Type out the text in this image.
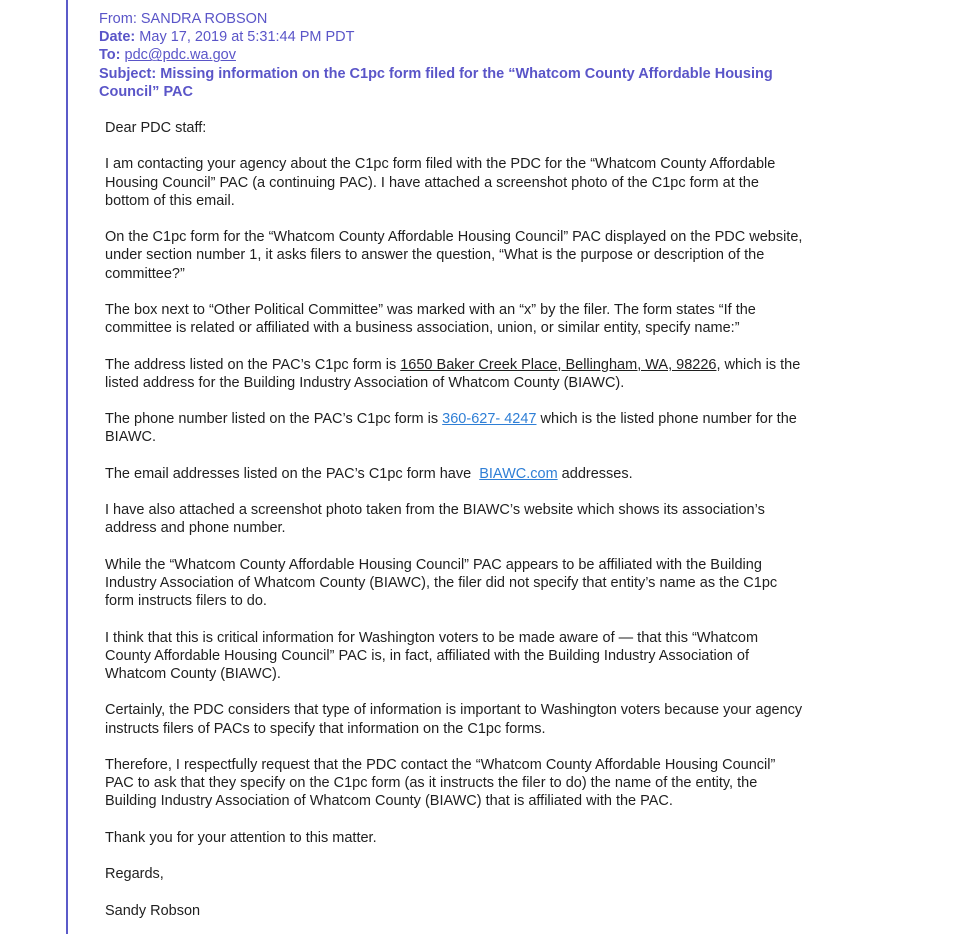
From: SANDRA ROBSON
Date: May 17, 2019 at 5:31:44 PM PDT
To: pdc@pdc.wa.gov
Subject: Missing information on the C1pc form filed for the “Whatcom County Affordable Housing Council” PAC

Dear PDC staff:

I am contacting your agency about the C1pc form filed with the PDC for the “Whatcom County Affordable Housing Council” PAC (a continuing PAC). I have attached a screenshot photo of the C1pc form at the bottom of this email.

On the C1pc form for the “Whatcom County Affordable Housing Council” PAC displayed on the PDC website, under section number 1, it asks filers to answer the question, “What is the purpose or description of the committee?”

The box next to “Other Political Committee” was marked with an “x” by the filer. The form states “If the committee is related or affiliated with a business association, union, or similar entity, specify name:”

The address listed on the PAC’s C1pc form is 1650 Baker Creek Place, Bellingham, WA, 98226, which is the listed address for the Building Industry Association of Whatcom County (BIAWC).

The phone number listed on the PAC’s C1pc form is 360-627- 4247 which is the listed phone number for the BIAWC.

The email addresses listed on the PAC’s C1pc form have  BIAWC.com addresses.

I have also attached a screenshot photo taken from the BIAWC’s website which shows its association’s address and phone number.

While the “Whatcom County Affordable Housing Council” PAC appears to be affiliated with the Building Industry Association of Whatcom County (BIAWC), the filer did not specify that entity’s name as the C1pc form instructs filers to do.

I think that this is critical information for Washington voters to be made aware of — that this “Whatcom County Affordable Housing Council” PAC is, in fact, affiliated with the Building Industry Association of Whatcom County (BIAWC).

Certainly, the PDC considers that type of information is important to Washington voters because your agency instructs filers of PACs to specify that information on the C1pc forms.

Therefore, I respectfully request that the PDC contact the “Whatcom County Affordable Housing Council” PAC to ask that they specify on the C1pc form (as it instructs the filer to do) the name of the entity, the Building Industry Association of Whatcom County (BIAWC) that is affiliated with the PAC.

Thank you for your attention to this matter.

Regards,

Sandy Robson
